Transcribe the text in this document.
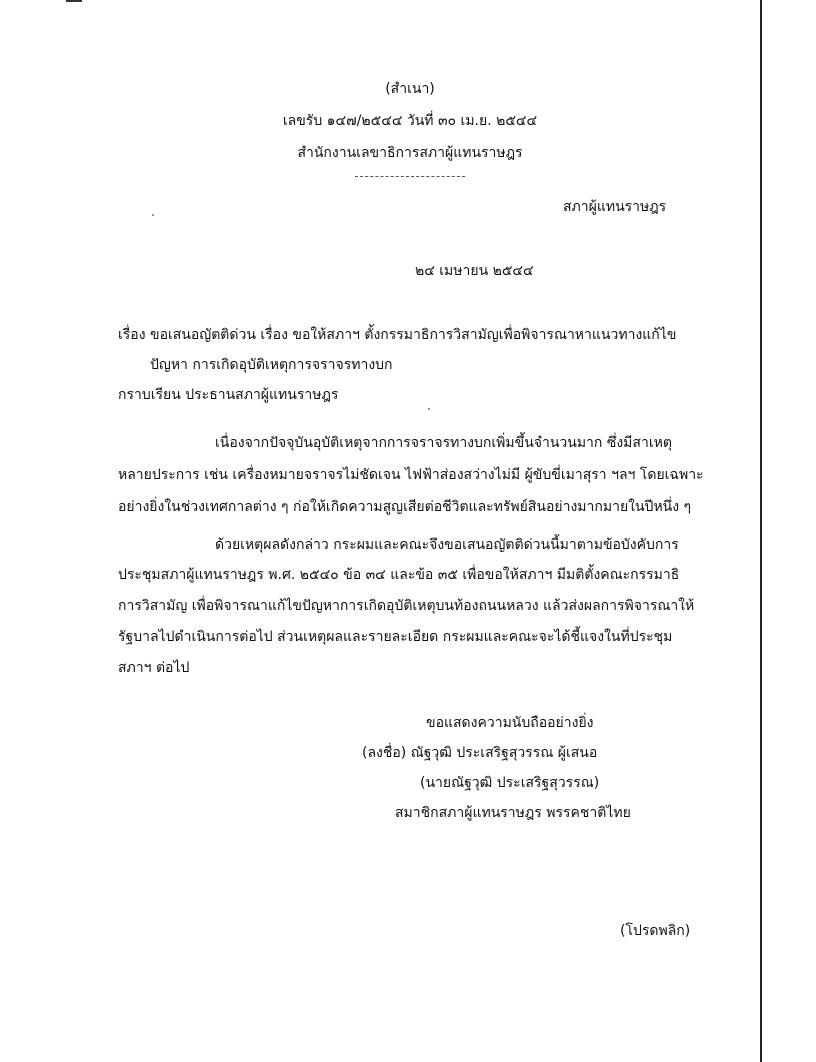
(สำเนา)
เลขรับ ๑๔๗/๒๕๔๔ วันที่ ๓๐ เม.ย. ๒๕๔๔
สำนักงานเลขาธิการสภาผู้แทนราษฎร
สภาผู้แทนราษฎร
๒๔ เมษายน ๒๕๔๔
เรื่อง ขอเสนอญัตติด่วน เรื่อง ขอให้สภาฯ ตั้งกรรมาธิการวิสามัญเพื่อพิจารณาหาแนวทางแก้ไข
ปัญหา การเกิดอุบัติเหตุการจราจรทางบก
กราบเรียน ประธานสภาผู้แทนราษฎร
เนื่องจากปัจจุบันอุบัติเหตุจากการจราจรทางบกเพิ่มขึ้นจำนวนมาก ซึ่งมีสาเหตุ
หลายประการ เช่น เครื่องหมายจราจรไม่ชัดเจน ไฟฟ้าส่องสว่างไม่มี ผู้ขับขี่เมาสุรา ฯลฯ โดยเฉพาะ
อย่างยิ่งในช่วงเทศกาลต่าง ๆ ก่อให้เกิดความสูญเสียต่อชีวิตและทรัพย์สินอย่างมากมายในปีหนึ่ง ๆ
ด้วยเหตุผลดังกล่าว กระผมและคณะจึงขอเสนอญัตติด่วนนี้มาตามข้อบังคับการ
ประชุมสภาผู้แทนราษฎร พ.ศ. ๒๕๔๐ ข้อ ๓๔ และข้อ ๓๕ เพื่อขอให้สภาฯ มีมติตั้งคณะกรรมาธิ
การวิสามัญ เพื่อพิจารณาแก้ไขปัญหาการเกิดอุบัติเหตุบนท้องถนนหลวง แล้วส่งผลการพิจารณาให้
รัฐบาลไปดำเนินการต่อไป ส่วนเหตุผลและรายละเอียด กระผมและคณะจะได้ชี้แจงในที่ประชุม
สภาฯ ต่อไป
ขอแสดงความนับถืออย่างยิ่ง
(ลงชื่อ) ณัฐวุฒิ ประเสริฐสุวรรณ ผู้เสนอ
(นายณัฐวุฒิ ประเสริฐสุวรรณ)
สมาชิกสภาผู้แทนราษฎร พรรคชาติไทย
(โปรดพลิก)
